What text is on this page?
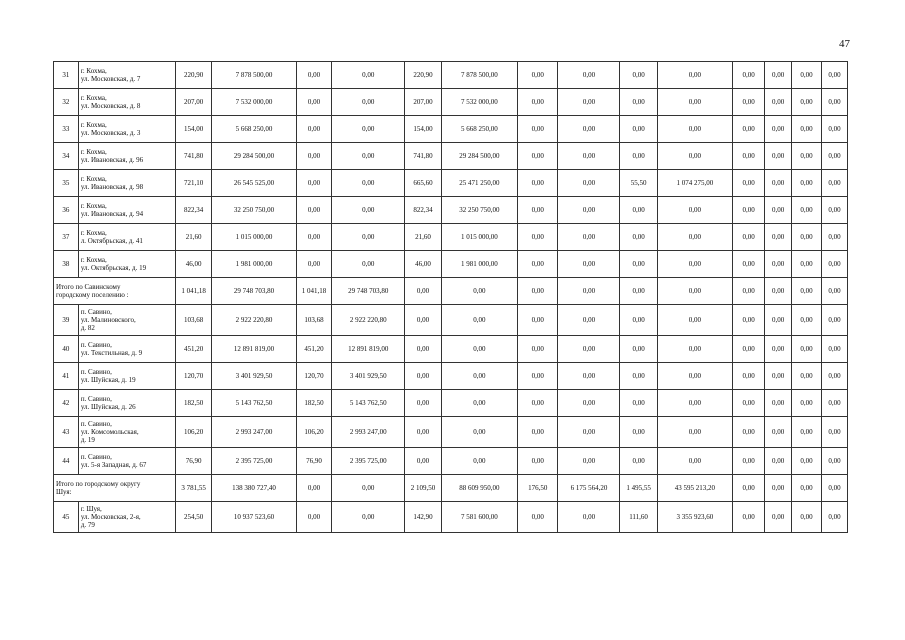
47
31	г. Кохма,
ул. Московская, д. 7	220,90	7 878 500,00	0,00	0,00	220,90	7 878 500,00	0,00	0,00	0,00	0,00	0,00	0,00	0,00	0,00
32	г. Кохма,
ул. Московская, д. 8	207,00	7 532 000,00	0,00	0,00	207,00	7 532 000,00	0,00	0,00	0,00	0,00	0,00	0,00	0,00	0,00
33	г. Кохма,
ул. Московская, д. 3	154,00	5 668 250,00	0,00	0,00	154,00	5 668 250,00	0,00	0,00	0,00	0,00	0,00	0,00	0,00	0,00
34	г. Кохма,
ул. Ивановская, д. 96	741,80	29 284 500,00	0,00	0,00	741,80	29 284 500,00	0,00	0,00	0,00	0,00	0,00	0,00	0,00	0,00
35	г. Кохма,
ул. Ивановская, д. 98	721,10	26 545 525,00	0,00	0,00	665,60	25 471 250,00	0,00	0,00	55,50	1 074 275,00	0,00	0,00	0,00	0,00
36	г. Кохма,
ул. Ивановская, д. 94	822,34	32 250 750,00	0,00	0,00	822,34	32 250 750,00	0,00	0,00	0,00	0,00	0,00	0,00	0,00	0,00
37	г. Кохма,
л. Октябрьская, д. 41	21,60	1 015 000,00	0,00	0,00	21,60	1 015 000,00	0,00	0,00	0,00	0,00	0,00	0,00	0,00	0,00
38	г. Кохма,
ул. Октябрьская, д. 19	46,00	1 981 000,00	0,00	0,00	46,00	1 981 000,00	0,00	0,00	0,00	0,00	0,00	0,00	0,00	0,00
Итого по Савинскому
городскому поселению :		1 041,18	29 748 703,80	1 041,18	29 748 703,80	0,00	0,00	0,00	0,00	0,00	0,00	0,00	0,00	0,00	0,00
39	п. Савино,
ул. Малиновского,
д. 82	103,68	2 922 220,80	103,68	2 922 220,80	0,00	0,00	0,00	0,00	0,00	0,00	0,00	0,00	0,00	0,00
40	п. Савино,
ул. Текстильная, д. 9	451,20	12 891 819,00	451,20	12 891 819,00	0,00	0,00	0,00	0,00	0,00	0,00	0,00	0,00	0,00	0,00
41	п. Савино,
ул. Шуйская, д. 19	120,70	3 401 929,50	120,70	3 401 929,50	0,00	0,00	0,00	0,00	0,00	0,00	0,00	0,00	0,00	0,00
42	п. Савино,
ул. Шуйская, д. 26	182,50	5 143 762,50	182,50	5 143 762,50	0,00	0,00	0,00	0,00	0,00	0,00	0,00	0,00	0,00	0,00
43	п. Савино,
ул. Комсомольская,
д. 19	106,20	2 993 247,00	106,20	2 993 247,00	0,00	0,00	0,00	0,00	0,00	0,00	0,00	0,00	0,00	0,00
44	п. Савино,
ул. 5-я Западная, д. 67	76,90	2 395 725,00	76,90	2 395 725,00	0,00	0,00	0,00	0,00	0,00	0,00	0,00	0,00	0,00	0,00
Итого по городскому округу
Шуя:		3 781,55	138 380 727,40	0,00	0,00	2 109,50	88 609 950,00	176,50	6 175 564,20	1 495,55	43 595 213,20	0,00	0,00	0,00	0,00
45	г. Шуя,
ул. Московская, 2-я,
д. 79	254,50	10 937 523,60	0,00	0,00	142,90	7 581 600,00	0,00	0,00	111,60	3 355 923,60	0,00	0,00	0,00	0,00
